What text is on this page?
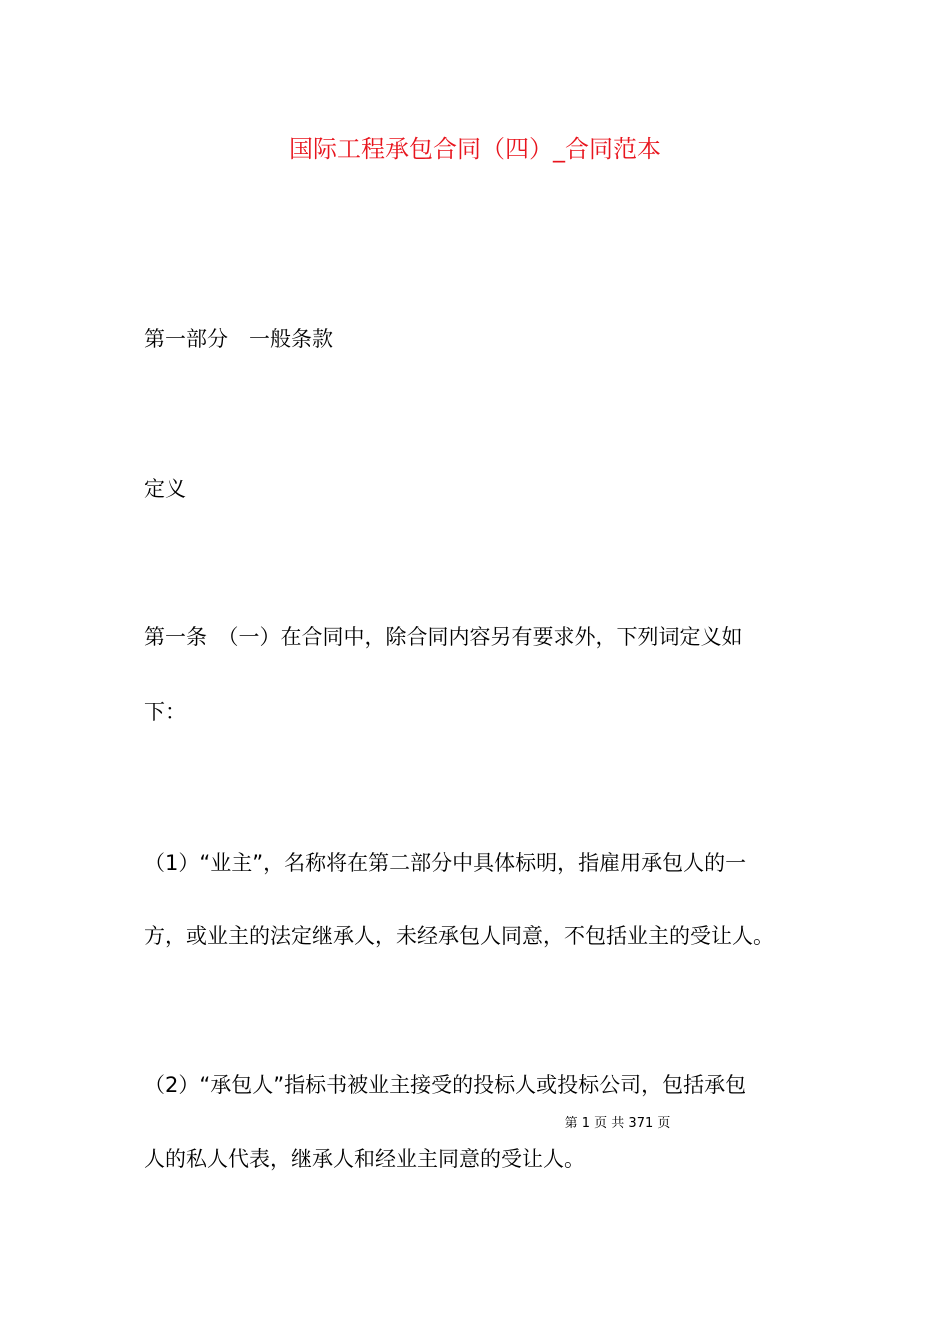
国际工程承包合同（四）_合同范本
第一部分　一般条款
定义
第一条　（一）在合同中，除合同内容另有要求外，下列词定义如
下：
（1）“业主”，名称将在第二部分中具体标明，指雇用承包人的一
方，或业主的法定继承人，未经承包人同意，不包括业主的受让人。
（2）“承包人”指标书被业主接受的投标人或投标公司，包括承包
第 1 页 共 371 页
人的私人代表，继承人和经业主同意的受让人。
